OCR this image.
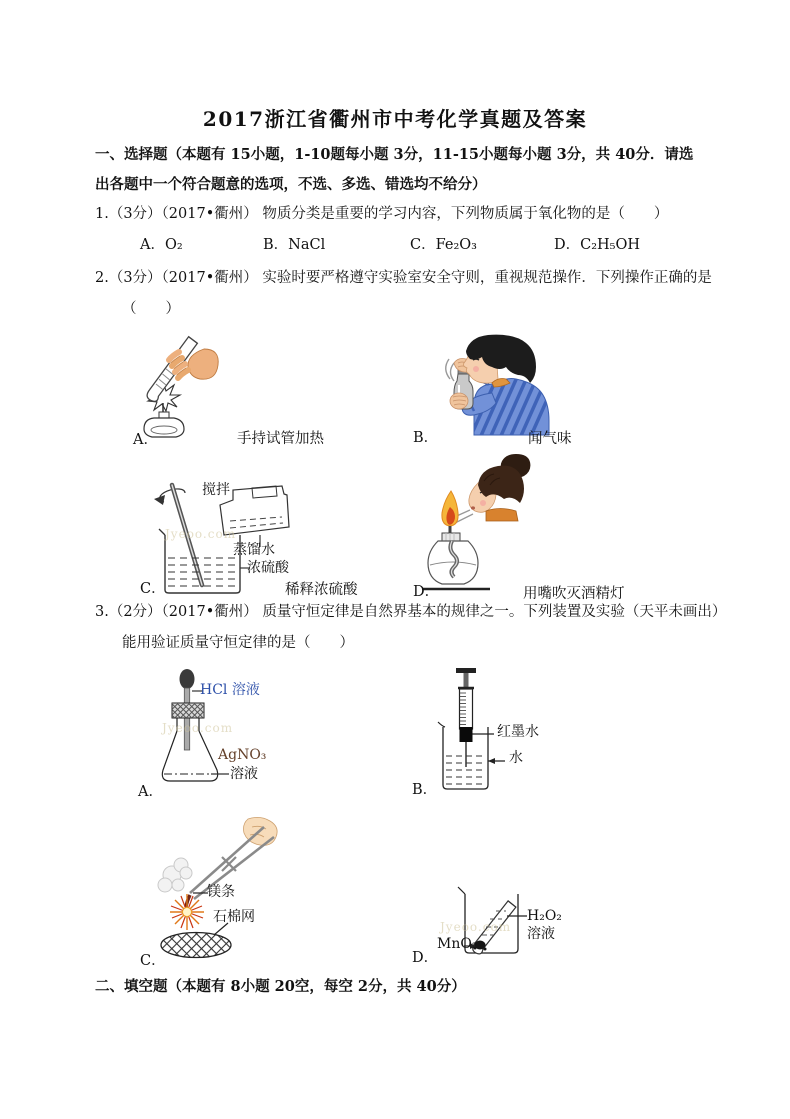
2017浙江省衢州市中考化学真题及答案

一、选择题（本题有 15小题，1-10题每小题 3分，11-15小题每小题 3分，共 40分．请选出各题中一个符合题意的选项，不选、多选、错选均不给分）

1.（3分）（2017•衢州） 物质分类是重要的学习内容，下列物质属于氧化物的是（　　）

A．O₂	B．NaCl	C．Fe₂O₃	D．C₂H₅OH

2.（3分）（2017•衢州） 实验时要严格遵守实验室安全守则，重视规范操作．下列操作正确的是（　　）

A．	手持试管加热	B．	闻气味
Jyeoo.com
搅拌
蒸馏水
浓硫酸
C．	稀释浓硫酸	D．	用嘴吹灭酒精灯

3.（2分）（2017•衢州） 质量守恒定律是自然界基本的规律之一。下列装置及实验（天平未画出）能用验证质量守恒定律的是（　　）

Jyeoo.com
HCl 溶液
AgNO₃
溶液
A．
红墨水
水
B．
镁条
石棉网
C．
Jyeoo.com
MnO₂
H₂O₂
溶液
D．

二、填空题（本题有 8小题 20空，每空 2分，共 40分）
